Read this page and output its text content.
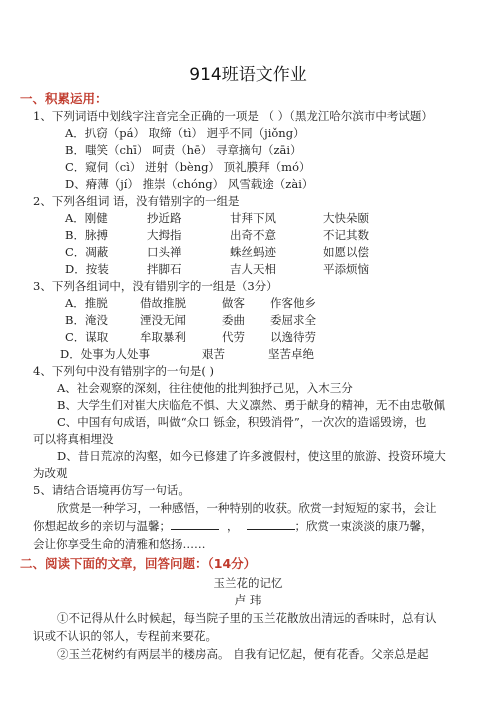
914班语文作业
一、积累运用：
1、下列词语中划线字注音完全正确的一项是 （ ）（黑龙江哈尔滨市中考试题）
A．扒窃（pá） 取缔（tì） 迥乎不同（jiǒng）
B．嗤笑（chī） 呵责（hē） 寻章摘句（zāi）
C．窥伺（cì） 迸射（bèng） 顶礼膜拜（mó）
D、瘠薄（jí） 推崇（chóng） 风雪载途（zài）
2、下列各组词 语，没有错别字的一组是
A．刚健	抄近路	甘拜下风	大快朵颐
B．脉搏	大拇指	出奇不意	不记其数
C．凋蔽	口头禅	蛛丝蚂迹	如愿以偿
D．按装	拌脚石	吉人天相	平添烦恼
3、下列各组词中，没有错别字的一组是（3分）
A．推脱	借故推脱	做客 作客他乡
B．淹没	湮没无闻	委曲 委屈求全
C．谋取	牟取暴利	代劳 以逸待劳
D．处事 为人处事	艰苦	坚苦卓绝
4、下列句中没有错别字的一句是( )
A、社会观察的深刻，往往使他的批判独抒己见，入木三分
B、大学生们对崔大庆临危不惧、大义凛然、勇于献身的精神，无不由忠敬佩
C、中国有句成语，叫做“众口 铄金，积毁消骨”，一次次的造谣毁谤，也
可以将真相埋没
D、昔日荒凉的沟壑，如今已修建了许多渡假村，使这里的旅游、投资环境大
为改观
5、请结合语境再仿写一句话。
欣赏是一种学习，一种感悟，一种特别的收获。欣赏一封短短的家书，会让
你想起故乡的亲切与温馨；	，	；欣赏一束淡淡的康乃馨，
会让你享受生命的清雅和悠扬……
二、阅读下面的文章，回答问题：（14分）
玉兰花的记忆
卢 玮
①不记得从什么时候起，每当院子里的玉兰花散放出清远的香味时，总有认
识或不认识的邻人，专程前来要花。
②玉兰花树约有两层半的楼房高。 自我有记忆起，便有花香。父亲总是起
